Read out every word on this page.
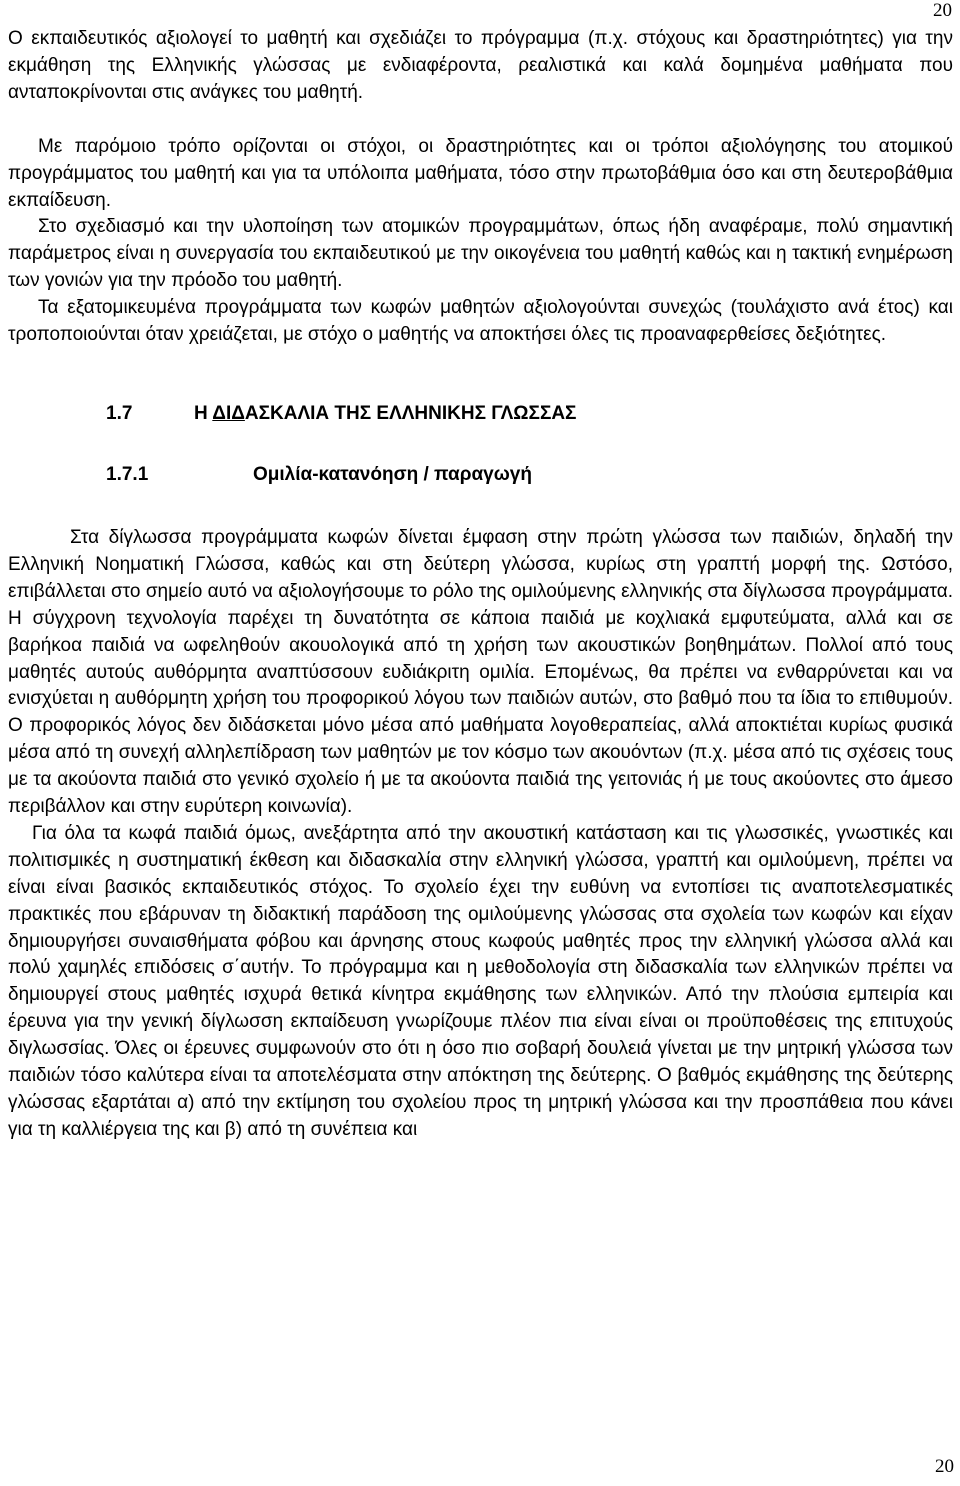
20

Ο εκπαιδευτικός αξιολογεί το μαθητή και σχεδιάζει το πρόγραμμα (π.χ. στόχους και δραστηριότητες) για την εκμάθηση της Ελληνικής γλώσσας με ενδιαφέροντα, ρεαλιστικά και καλά δομημένα μαθήματα που ανταποκρίνονται στις ανάγκες του μαθητή.

Με παρόμοιο τρόπο ορίζονται οι στόχοι, οι δραστηριότητες και οι τρόποι αξιολόγησης του ατομικού προγράμματος του μαθητή και για τα υπόλοιπα μαθήματα, τόσο στην πρωτοβάθμια όσο και στη δευτεροβάθμια εκπαίδευση.

Στο σχεδιασμό και την υλοποίηση των ατομικών προγραμμάτων, όπως ήδη αναφέραμε, πολύ σημαντική παράμετρος είναι η συνεργασία του εκπαιδευτικού με την οικογένεια του μαθητή καθώς και η τακτική ενημέρωση των γονιών για την πρόοδο του μαθητή.

Τα εξατομικευμένα προγράμματα των κωφών μαθητών αξιολογούνται συνεχώς (τουλάχιστο ανά έτος) και τροποποιούνται όταν χρειάζεται, με στόχο ο μαθητής να αποκτήσει όλες τις προαναφερθείσες δεξιότητες.

1.7	Η ΔΙΔΑΣΚΑΛΙΑ ΤΗΣ ΕΛΛΗΝΙΚΗΣ ΓΛΩΣΣΑΣ
1.7.1	Ομιλία-κατανόηση / παραγωγή

Στα δίγλωσσα προγράμματα κωφών δίνεται έμφαση στην πρώτη γλώσσα των παιδιών, δηλαδή την Ελληνική Νοηματική Γλώσσα, καθώς και στη δεύτερη γλώσσα, κυρίως στη γραπτή μορφή της. Ωστόσο, επιβάλλεται στο σημείο αυτό να αξιολογήσουμε το ρόλο της ομιλούμενης ελληνικής στα δίγλωσσα προγράμματα. Η σύγχρονη τεχνολογία παρέχει τη δυνατότητα σε κάποια παιδιά με κοχλιακά εμφυτεύματα, αλλά και σε βαρήκοα παιδιά να ωφεληθούν ακουολογικά από τη χρήση των ακουστικών βοηθημάτων. Πολλοί από τους μαθητές αυτούς αυθόρμητα αναπτύσσουν ευδιάκριτη ομιλία. Επομένως, θα πρέπει να ενθαρρύνεται και να ενισχύεται η αυθόρμητη χρήση του προφορικού λόγου των παιδιών αυτών, στο βαθμό που τα ίδια το επιθυμούν. Ο προφορικός λόγος δεν διδάσκεται μόνο μέσα από μαθήματα λογοθεραπείας, αλλά αποκτιέται κυρίως φυσικά μέσα από τη συνεχή αλληλεπίδραση των μαθητών με τον κόσμο των ακουόντων (π.χ. μέσα από τις σχέσεις τους με τα ακούοντα παιδιά στο γενικό σχολείο ή με τα ακούοντα παιδιά της γειτονιάς ή με τους ακούοντες στο άμεσο περιβάλλον και στην ευρύτερη κοινωνία).

Για όλα τα κωφά παιδιά όμως, ανεξάρτητα από την ακουστική κατάσταση και τις γλωσσικές, γνωστικές και πολιτισμικές η συστηματική έκθεση και διδασκαλία στην ελληνική γλώσσα, γραπτή και ομιλούμενη, πρέπει να είναι είναι βασικός εκπαιδευτικός στόχος. Το σχολείο έχει την ευθύνη να εντοπίσει τις αναποτελεσματικές πρακτικές που εβάρυναν τη διδακτική παράδοση της ομιλούμενης γλώσσας στα σχολεία των κωφών και είχαν δημιουργήσει συναισθήματα φόβου και άρνησης στους κωφούς μαθητές προς την ελληνική γλώσσα αλλά και πολύ χαμηλές επιδόσεις σ΄αυτήν. Το πρόγραμμα και η μεθοδολογία στη διδασκαλία των ελληνικών πρέπει να δημιουργεί στους μαθητές ισχυρά θετικά κίνητρα εκμάθησης των ελληνικών. Από την πλούσια εμπειρία και έρευνα για την γενική δίγλωσση εκπαίδευση γνωρίζουμε πλέον πια είναι είναι οι προϋποθέσεις της επιτυχούς διγλωσσίας. Όλες οι έρευνες συμφωνούν στο ότι η όσο πιο σοβαρή δουλειά γίνεται με την μητρική γλώσσα των παιδιών τόσο καλύτερα είναι τα αποτελέσματα στην απόκτηση της δεύτερης. Ο βαθμός εκμάθησης της δεύτερης γλώσσας εξαρτάται α) από την εκτίμηση του σχολείου προς τη μητρική γλώσσα και την προσπάθεια που κάνει για τη καλλιέργεια της και β) από τη συνέπεια και

20
